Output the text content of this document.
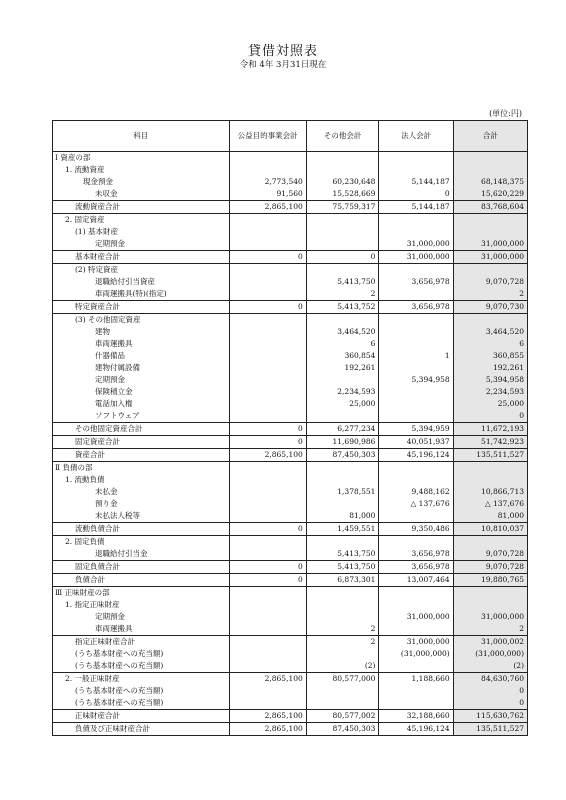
貸借対照表
令和 4年 3月31日現在
(単位:円)
科目	公益目的事業会計	その他会計	法人会計	合計
Ⅰ 資産の部				
1. 流動資産				
現金預金	2,773,540	60,230,648	5,144,187	68,148,375
未収金	91,560	15,528,669	0	15,620,229
流動資産合計	2,865,100	75,759,317	5,144,187	83,768,604
2. 固定資産				
(1) 基本財産				
定期預金			31,000,000	31,000,000
基本財産合計	0	0	31,000,000	31,000,000
(2) 特定資産				
退職給付引当資産		5,413,750	3,656,978	9,070,728
車両運搬具(特)(指定)		2		2
特定資産合計	0	5,413,752	3,656,978	9,070,730
(3) その他固定資産				
建物		3,464,520		3,464,520
車両運搬具		6		6
什器備品		360,854	1	360,855
建物付属設備		192,261		192,261
定期預金			5,394,958	5,394,958
保険積立金		2,234,593		2,234,593
電話加入権		25,000		25,000
ソフトウェア				0
その他固定資産合計	0	6,277,234	5,394,959	11,672,193
固定資産合計	0	11,690,986	40,051,937	51,742,923
資産合計	2,865,100	87,450,303	45,196,124	135,511,527
Ⅱ 負債の部				
1. 流動負債				
未払金		1,378,551	9,488,162	10,866,713
預り金			△ 137,676	△ 137,676
未払法人税等		81,000		81,000
流動負債合計	0	1,459,551	9,350,486	10,810,037
2. 固定負債				
退職給付引当金		5,413,750	3,656,978	9,070,728
固定負債合計	0	5,413,750	3,656,978	9,070,728
負債合計	0	6,873,301	13,007,464	19,880,765
Ⅲ 正味財産の部				
1. 指定正味財産				
定期預金			31,000,000	31,000,000
車両運搬具		2		2
指定正味財産合計		2	31,000,000	31,000,002
(うち基本財産への充当額)			(31,000,000)	(31,000,000)
(うち基本財産への充当額)		(2)		(2)
2. 一般正味財産	2,865,100	80,577,000	1,188,660	84,630,760
(うち基本財産への充当額)				0
(うち基本財産への充当額)				0
正味財産合計	2,865,100	80,577,002	32,188,660	115,630,762
負債及び正味財産合計	2,865,100	87,450,303	45,196,124	135,511,527
